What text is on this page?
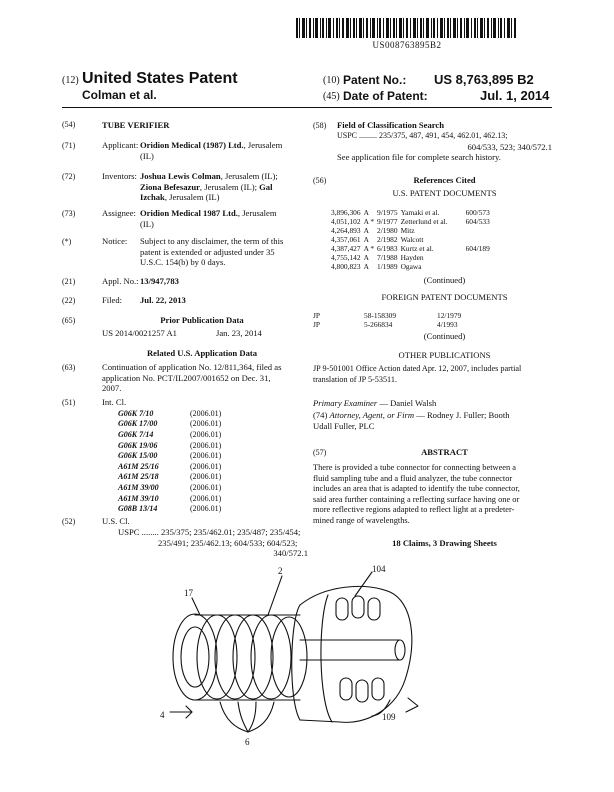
US008763895B2
(12) United States Patent
Colman et al.
(10) Patent No.: US 8,763,895 B2
(45) Date of Patent:	Jul. 1, 2014
(54)	TUBE VERIFIER
(71)	Applicant: Oridion Medical (1987) Ltd., Jerusalem
(IL)
(72)	Inventors: Joshua Lewis Colman, Jerusalem (IL);
Ziona Befesazur, Jerusalem (IL); Gal
Izchak, Jerusalem (IL)
(73)	Assignee: Oridion Medical 1987 Ltd., Jerusalem
(IL)
(*)	Notice: Subject to any disclaimer, the term of this
patent is extended or adjusted under 35
U.S.C. 154(b) by 0 days.
(21)	Appl. No.: 13/947,783
(22)	Filed: Jul. 22, 2013
(65)	Prior Publication Data
US 2014/0021257 A1	Jan. 23, 2014
Related U.S. Application Data
(63)	Continuation of application No. 12/811,364, filed as
application No. PCT/IL2007/001652 on Dec. 31,
2007.
(51)	Int. Cl.
G06K 7/10	(2006.01)
G06K 17/00	(2006.01)
G06K 7/14	(2006.01)
G06K 19/06	(2006.01)
G06K 15/00	(2006.01)
A61M 25/16	(2006.01)
A61M 25/18	(2006.01)
A61M 39/00	(2006.01)
A61M 39/10	(2006.01)
G08B 13/14	(2006.01)
(52)	U.S. Cl.
USPC ........ 235/375; 235/462.01; 235/487; 235/454;
235/491; 235/462.13; 604/533; 604/523;
340/572.1
(58) Field of Classification Search
USPC ......... 235/375, 487, 491, 454, 462.01, 462.13;
604/533, 523; 340/572.1
See application file for complete search history.
(56)	References Cited
U.S. PATENT DOCUMENTS
3,896,306	A	9/1975	Yamaki et al.	600/573
4,051,102	A *	9/1977	Zetterlund et al.	604/533
4,264,893	A	2/1980	Mitz	
4,357,061	A	2/1982	Walcott	
4,387,427	A *	6/1983	Kurtz et al.	604/189
4,755,142	A	7/1988	Hayden	
4,800,823	A	1/1989	Ogawa	
(Continued)
FOREIGN PATENT DOCUMENTS
JP	58-158309	12/1979
JP	5-266834	4/1993
(Continued)
OTHER PUBLICATIONS
JP 9-501001 Office Action dated Apr. 12, 2007, includes partial
translation of JP 5-53511.
Primary Examiner — Daniel Walsh
(74) Attorney, Agent, or Firm — Rodney J. Fuller; Booth
Udall Fuller, PLC
(57)	ABSTRACT
There is provided a tube connector for connecting between a
fluid sampling tube and a fluid analyzer, the tube connector
includes an area that is adapted to identify the tube connector,
said area further containing a reflecting surface having one or
more reflective regions adapted to reflect light at a predeter-
mined range of wavelengths.
18 Claims, 3 Drawing Sheets
2	104
17
4
6
109
